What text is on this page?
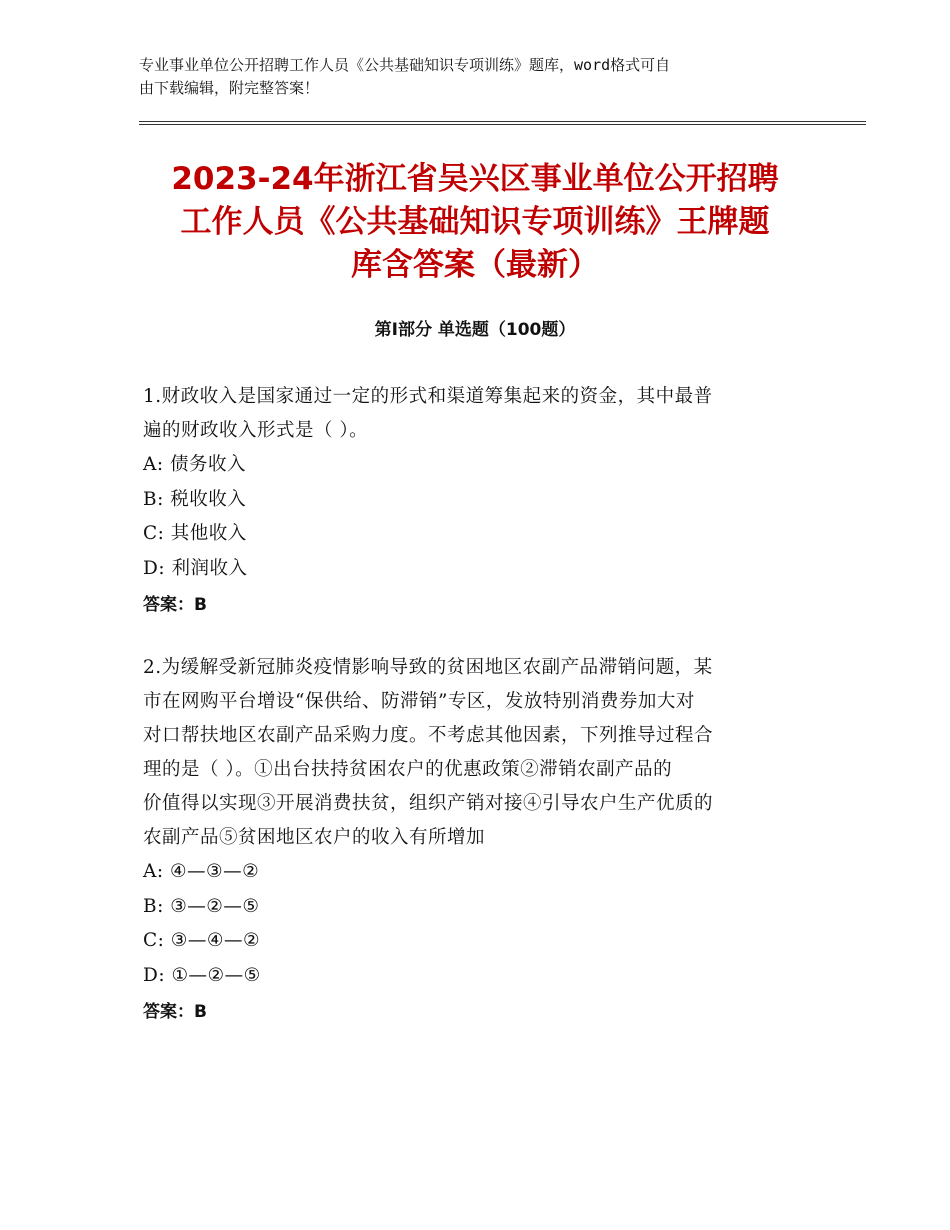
专业事业单位公开招聘工作人员《公共基础知识专项训练》题库，word格式可自
由下载编辑，附完整答案！
2023-24年浙江省吴兴区事业单位公开招聘
工作人员《公共基础知识专项训练》王牌题
库含答案（最新）
第Ⅰ部分 单选题（100题）
1.财政收入是国家通过一定的形式和渠道筹集起来的资金，其中最普
遍的财政收入形式是（ ）。
A: 债务收入
B: 税收收入
C: 其他收入
D: 利润收入
答案：B
2.为缓解受新冠肺炎疫情影响导致的贫困地区农副产品滞销问题，某
市在网购平台增设“保供给、防滞销”专区，发放特别消费券加大对
对口帮扶地区农副产品采购力度。不考虑其他因素，下列推导过程合
理的是（ ）。①出台扶持贫困农户的优惠政策②滞销农副产品的
价值得以实现③开展消费扶贫，组织产销对接④引导农户生产优质的
农副产品⑤贫困地区农户的收入有所增加
A: ④—③—②
B: ③—②—⑤
C: ③—④—②
D: ①—②—⑤
答案：B
